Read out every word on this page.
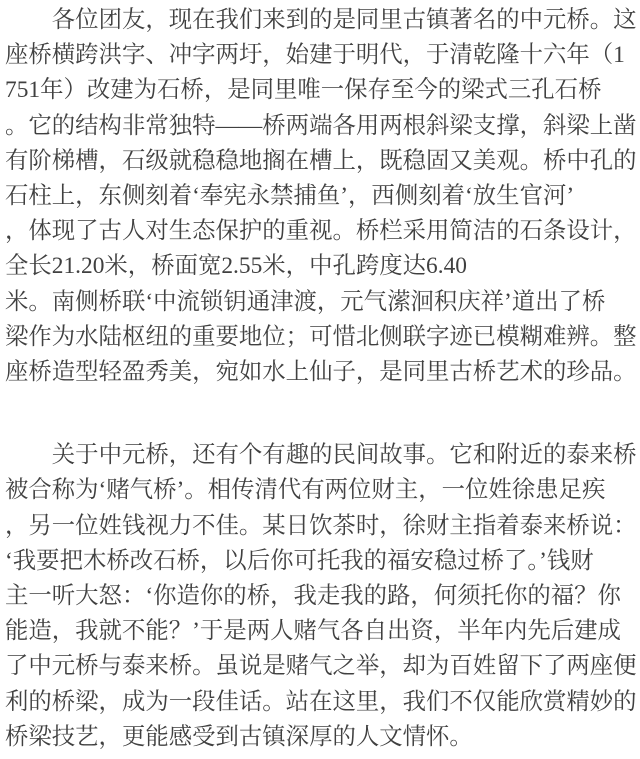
各位团友，现在我们来到的是同里古镇著名的中元桥。这
座桥横跨洪字、冲字两圩，始建于明代，于清乾隆十六年（1
751年）改建为石桥，是同里唯一保存至今的梁式三孔石桥
。它的结构非常独特——桥两端各用两根斜梁支撑，斜梁上凿
有阶梯槽，石级就稳稳地搁在槽上，既稳固又美观。桥中孔的
石柱上，东侧刻着‘奉宪永禁捕鱼’，西侧刻着‘放生官河’
，体现了古人对生态保护的重视。桥栏采用简洁的石条设计，
全长21.20米，桥面宽2.55米，中孔跨度达6.40
米。南侧桥联‘中流锁钥通津渡，元气潆洄积庆祥’道出了桥
梁作为水陆枢纽的重要地位；可惜北侧联字迹已模糊难辨。整
座桥造型轻盈秀美，宛如水上仙子，是同里古桥艺术的珍品。
关于中元桥，还有个有趣的民间故事。它和附近的泰来桥
被合称为‘赌气桥’。相传清代有两位财主，一位姓徐患足疾
，另一位姓钱视力不佳。某日饮茶时，徐财主指着泰来桥说：
‘我要把木桥改石桥，以后你可托我的福安稳过桥了。’钱财
主一听大怒：‘你造你的桥，我走我的路，何须托你的福？你
能造，我就不能？’于是两人赌气各自出资，半年内先后建成
了中元桥与泰来桥。虽说是赌气之举，却为百姓留下了两座便
利的桥梁，成为一段佳话。站在这里，我们不仅能欣赏精妙的
桥梁技艺，更能感受到古镇深厚的人文情怀。
